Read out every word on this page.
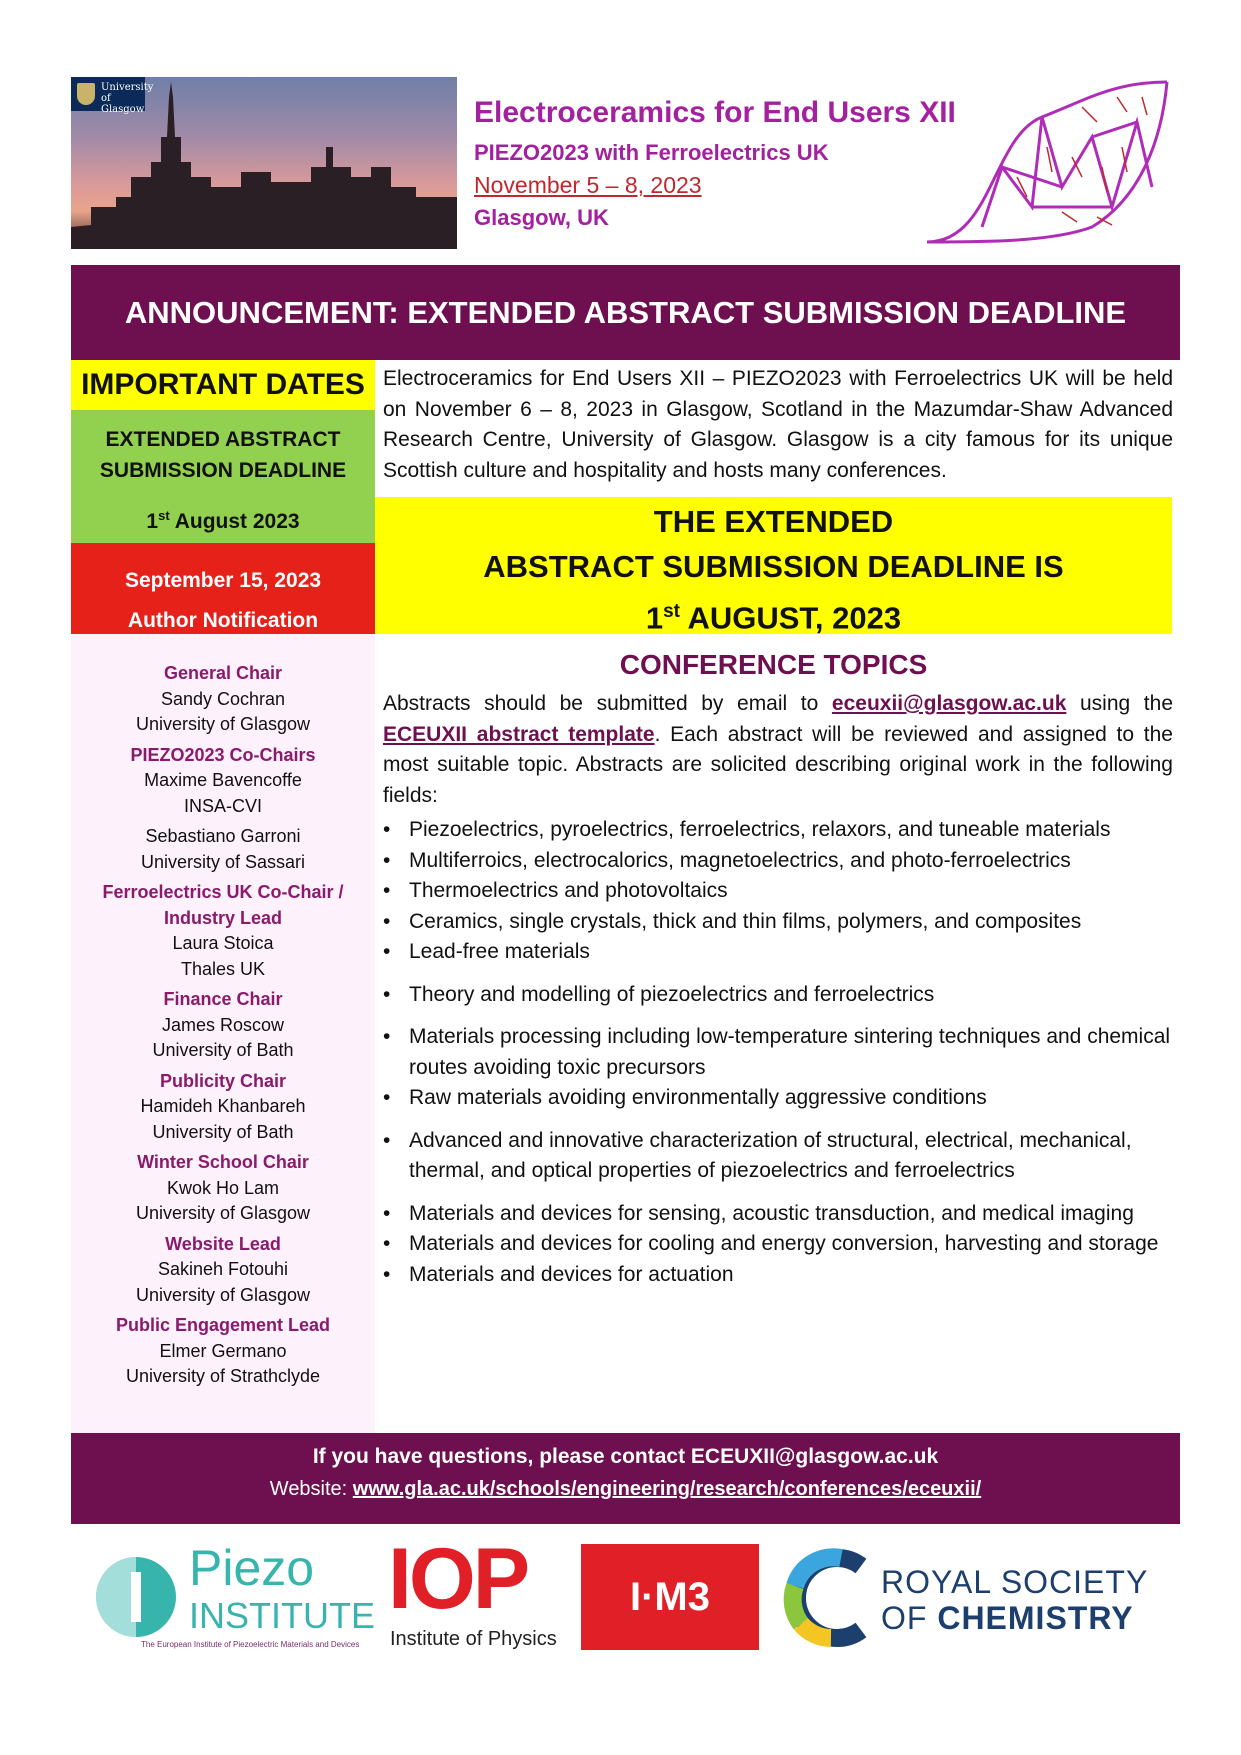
University of Glasgow	Electroceramics for End Users XII
PIEZO2023 with Ferroelectrics UK
November 5 – 8, 2023
Glasgow, UK
ANNOUNCEMENT: EXTENDED ABSTRACT SUBMISSION DEADLINE
IMPORTANT DATES
EXTENDED ABSTRACT
SUBMISSION DEADLINE
1st August 2023
September 15, 2023
Author Notification
General Chair
Sandy Cochran
University of Glasgow
PIEZO2023 Co-Chairs
Maxime Bavencoffe
INSA-CVI
Sebastiano Garroni
University of Sassari
Ferroelectrics UK Co-Chair / Industry Lead
Laura Stoica
Thales UK
Finance Chair
James Roscow
University of Bath
Publicity Chair
Hamideh Khanbareh
University of Bath
Winter School Chair
Kwok Ho Lam
University of Glasgow
Website Lead
Sakineh Fotouhi
University of Glasgow
Public Engagement Lead
Elmer Germano
University of Strathclyde
Electroceramics for End Users XII – PIEZO2023 with Ferroelectrics UK will be held on November 6 – 8, 2023 in Glasgow, Scotland in the Mazumdar-Shaw Advanced Research Centre, University of Glasgow. Glasgow is a city famous for its unique Scottish culture and hospitality and hosts many conferences.
THE EXTENDED
ABSTRACT SUBMISSION DEADLINE IS
1st AUGUST, 2023
CONFERENCE TOPICS
Abstracts should be submitted by email to eceuxii@glasgow.ac.uk using the ECEUXII abstract template. Each abstract will be reviewed and assigned to the most suitable topic. Abstracts are solicited describing original work in the following fields:
• Piezoelectrics, pyroelectrics, ferroelectrics, relaxors, and tuneable materials
• Multiferroics, electrocalorics, magnetoelectrics, and photo-ferroelectrics
• Thermoelectrics and photovoltaics
• Ceramics, single crystals, thick and thin films, polymers, and composites
• Lead-free materials
• Theory and modelling of piezoelectrics and ferroelectrics
• Materials processing including low-temperature sintering techniques and chemical routes avoiding toxic precursors
• Raw materials avoiding environmentally aggressive conditions
• Advanced and innovative characterization of structural, electrical, mechanical, thermal, and optical properties of piezoelectrics and ferroelectrics
• Materials and devices for sensing, acoustic transduction, and medical imaging
• Materials and devices for cooling and energy conversion, harvesting and storage
• Materials and devices for actuation
If you have questions, please contact ECEUXII@glasgow.ac.uk
Website: www.gla.ac.uk/schools/engineering/research/conferences/eceuxii/
Piezo
INSTITUTE
The European Institute of Piezoelectric Materials and Devices
IOP
Institute of Physics
I·M3	ROYAL SOCIETY
OF CHEMISTRY
